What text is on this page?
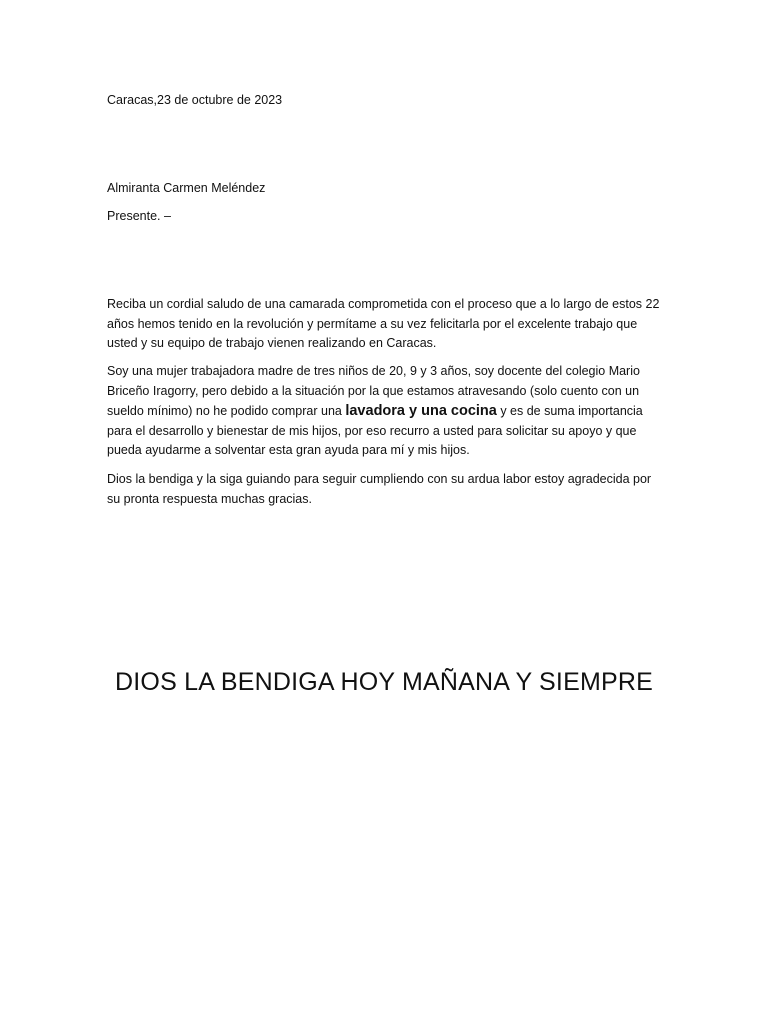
Caracas,23 de octubre de 2023
Almiranta Carmen Meléndez
Presente. –
Reciba un cordial saludo de una camarada comprometida con el proceso que a lo largo de estos 22
años hemos tenido en la revolución y permítame a su vez felicitarla por el excelente trabajo que
usted y su equipo de trabajo vienen realizando en Caracas.
Soy una mujer trabajadora madre de tres niños de 20, 9 y 3 años, soy docente del colegio Mario
Briceño Iragorry, pero debido a la situación por la que estamos atravesando (solo cuento con un
sueldo mínimo) no he podido comprar una lavadora y una cocina y es de suma importancia
para el desarrollo y bienestar de mis hijos, por eso recurro a usted para solicitar su apoyo y que
pueda ayudarme a solventar esta gran ayuda para mí y mis hijos.
Dios la bendiga y la siga guiando para seguir cumpliendo con su ardua labor estoy agradecida por
su pronta respuesta muchas gracias.
DIOS LA BENDIGA HOY MAÑANA Y SIEMPRE
